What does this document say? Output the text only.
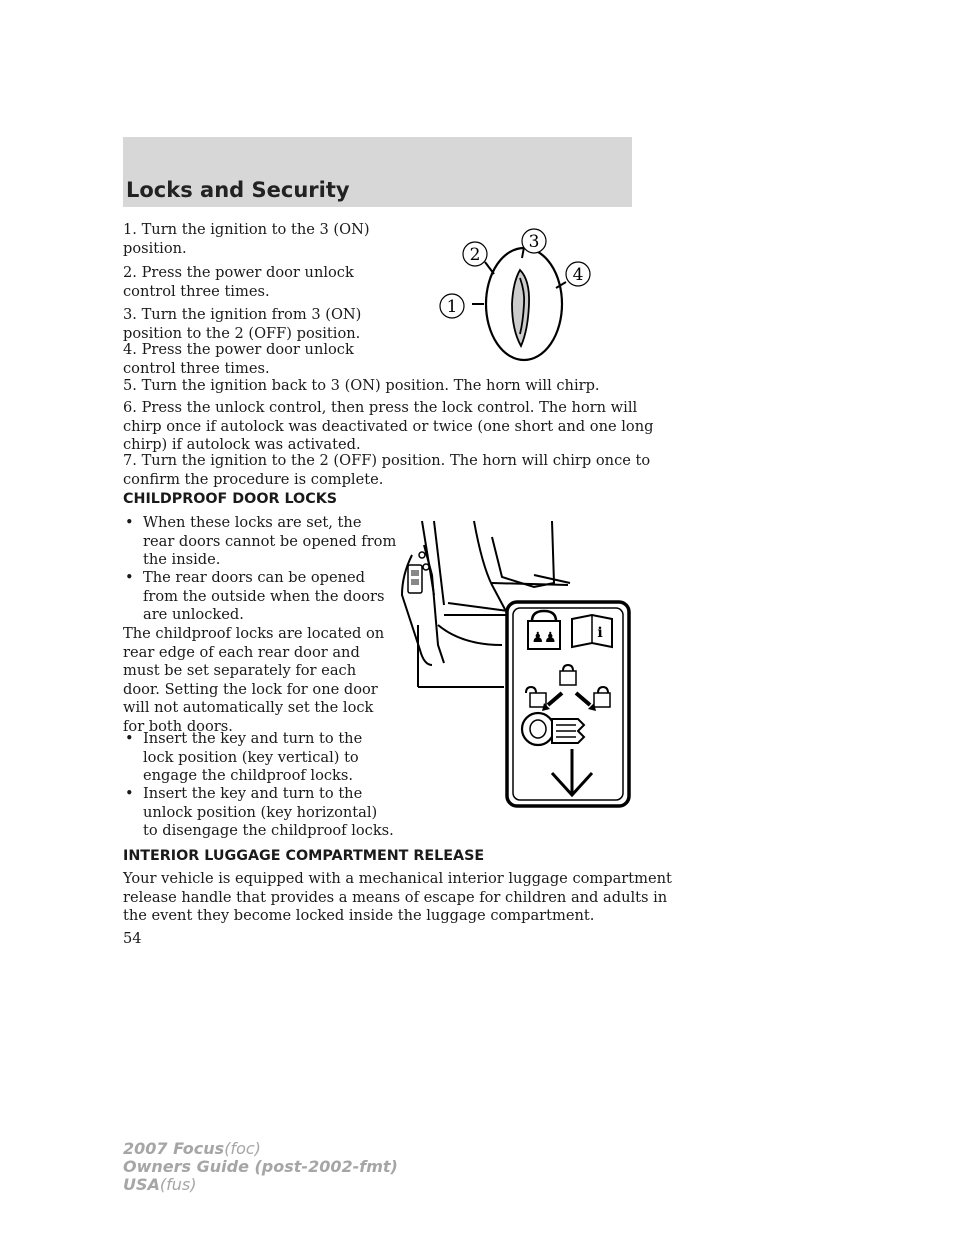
Locks and Security

1. Turn the ignition to the 3 (ON)
position.

2. Press the power door unlock
control three times.

3. Turn the ignition from 3 (ON)
position to the 2 (OFF) position.

4. Press the power door unlock
control three times.

5. Turn the ignition back to 3 (ON) position. The horn will chirp.

6. Press the unlock control, then press the lock control. The horn will
chirp once if autolock was deactivated or twice (one short and one long
chirp) if autolock was activated.

7. Turn the ignition to the 2 (OFF) position. The horn will chirp once to
confirm the procedure is complete.

1
2
3
4

CHILDPROOF DOOR LOCKS

• When these locks are set, the
rear doors cannot be opened from
the inside.
• The rear doors can be opened
from the outside when the doors
are unlocked.

The childproof locks are located on
rear edge of each rear door and
must be set separately for each
door. Setting the lock for one door
will not automatically set the lock
for both doors.

• Insert the key and turn to the
lock position (key vertical) to
engage the childproof locks.
• Insert the key and turn to the
unlock position (key horizontal)
to disengage the childproof locks.
♟♟	i

INTERIOR LUGGAGE COMPARTMENT RELEASE

Your vehicle is equipped with a mechanical interior luggage compartment
release handle that provides a means of escape for children and adults in
the event they become locked inside the luggage compartment.

54
2007 Focus(foc)
Owners Guide (post-2002-fmt)
USA(fus)
